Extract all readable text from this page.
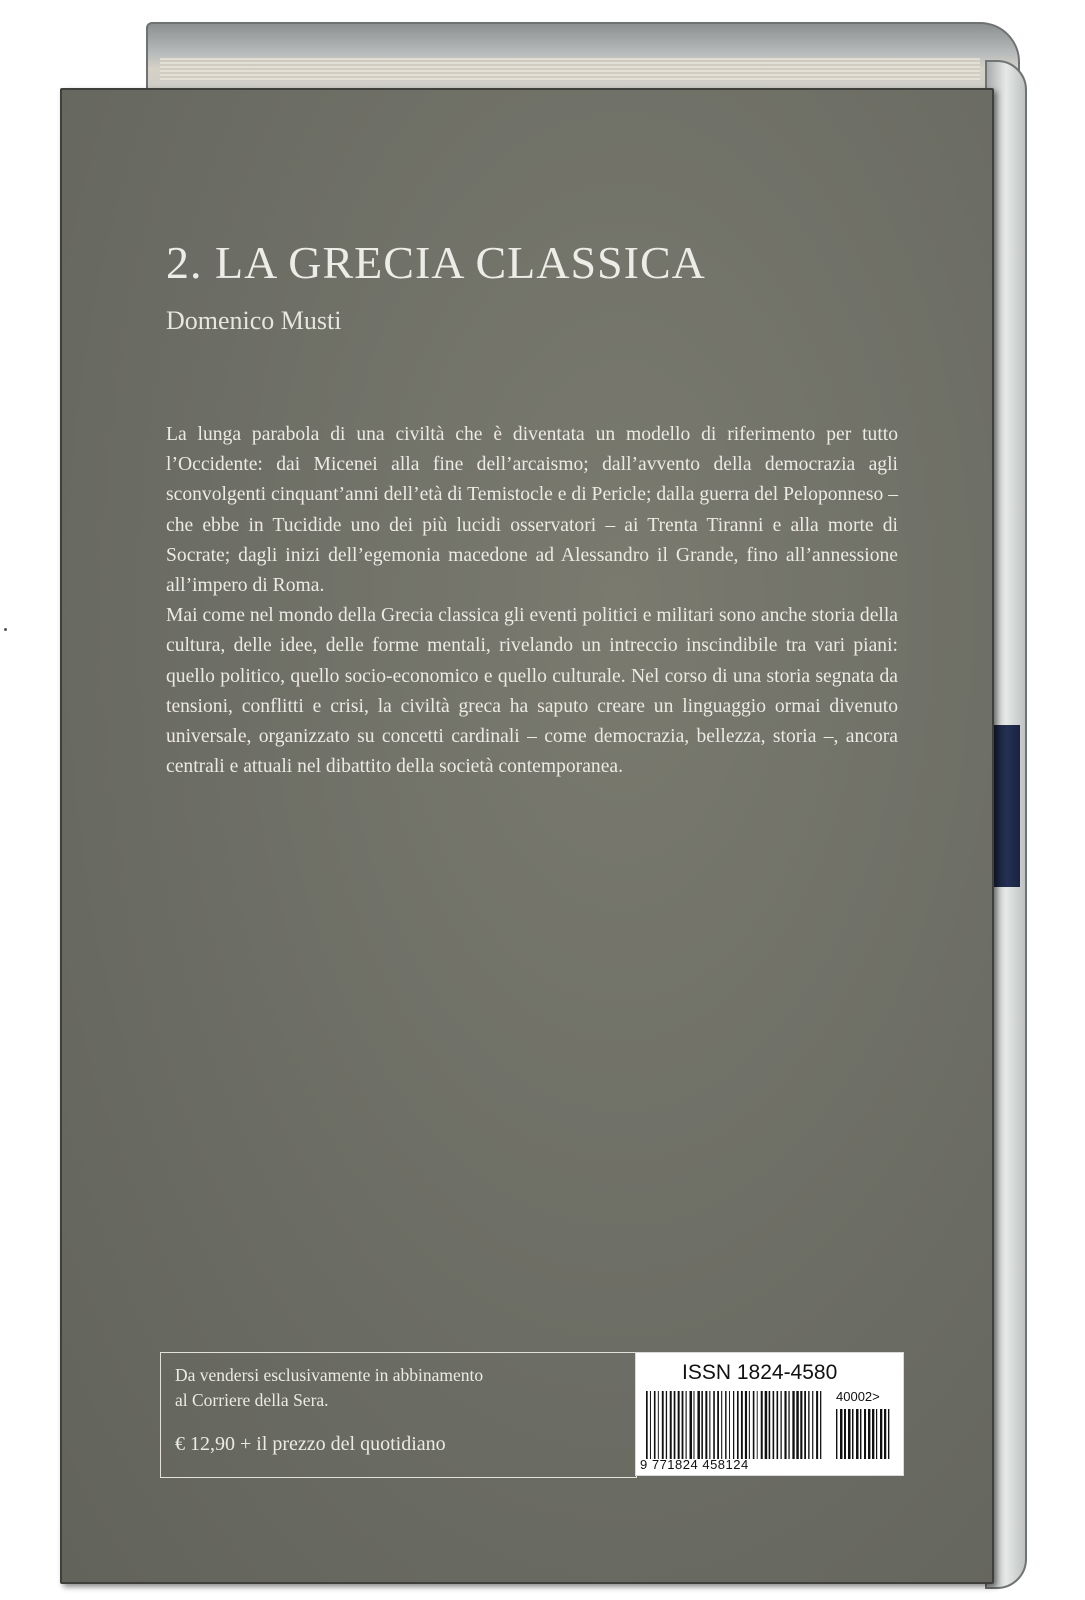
2. LA GRECIA CLASSICA
Domenico Musti

La lunga parabola di una civiltà che è diventata un modello di riferimento per tutto l’Occidente: dai Micenei alla fine dell’arcaismo; dall’avvento della democrazia agli sconvolgenti cinquant’anni dell’età di Temistocle e di Pericle; dalla guerra del Peloponneso – che ebbe in Tucidide uno dei più lucidi osservatori – ai Trenta Tiranni e alla morte di Socrate; dagli inizi dell’egemonia macedone ad Alessandro il Grande, fino all’annessione all’impero di Roma.

Mai come nel mondo della Grecia classica gli eventi politici e militari sono anche storia della cultura, delle idee, delle forme mentali, rivelando un intreccio inscindibile tra vari piani: quello politico, quello socio-economico e quello culturale. Nel corso di una storia segnata da tensioni, conflitti e crisi, la civiltà greca ha saputo creare un linguaggio ormai divenuto universale, organizzato su concetti cardinali – come democrazia, bellezza, storia –, ancora centrali e attuali nel dibattito della società contemporanea.

Da vendersi esclusivamente in abbinamento
al Corriere della Sera.
€ 12,90 + il prezzo del quotidiano
ISSN 1824-4580
40002>
9 771824 458124
